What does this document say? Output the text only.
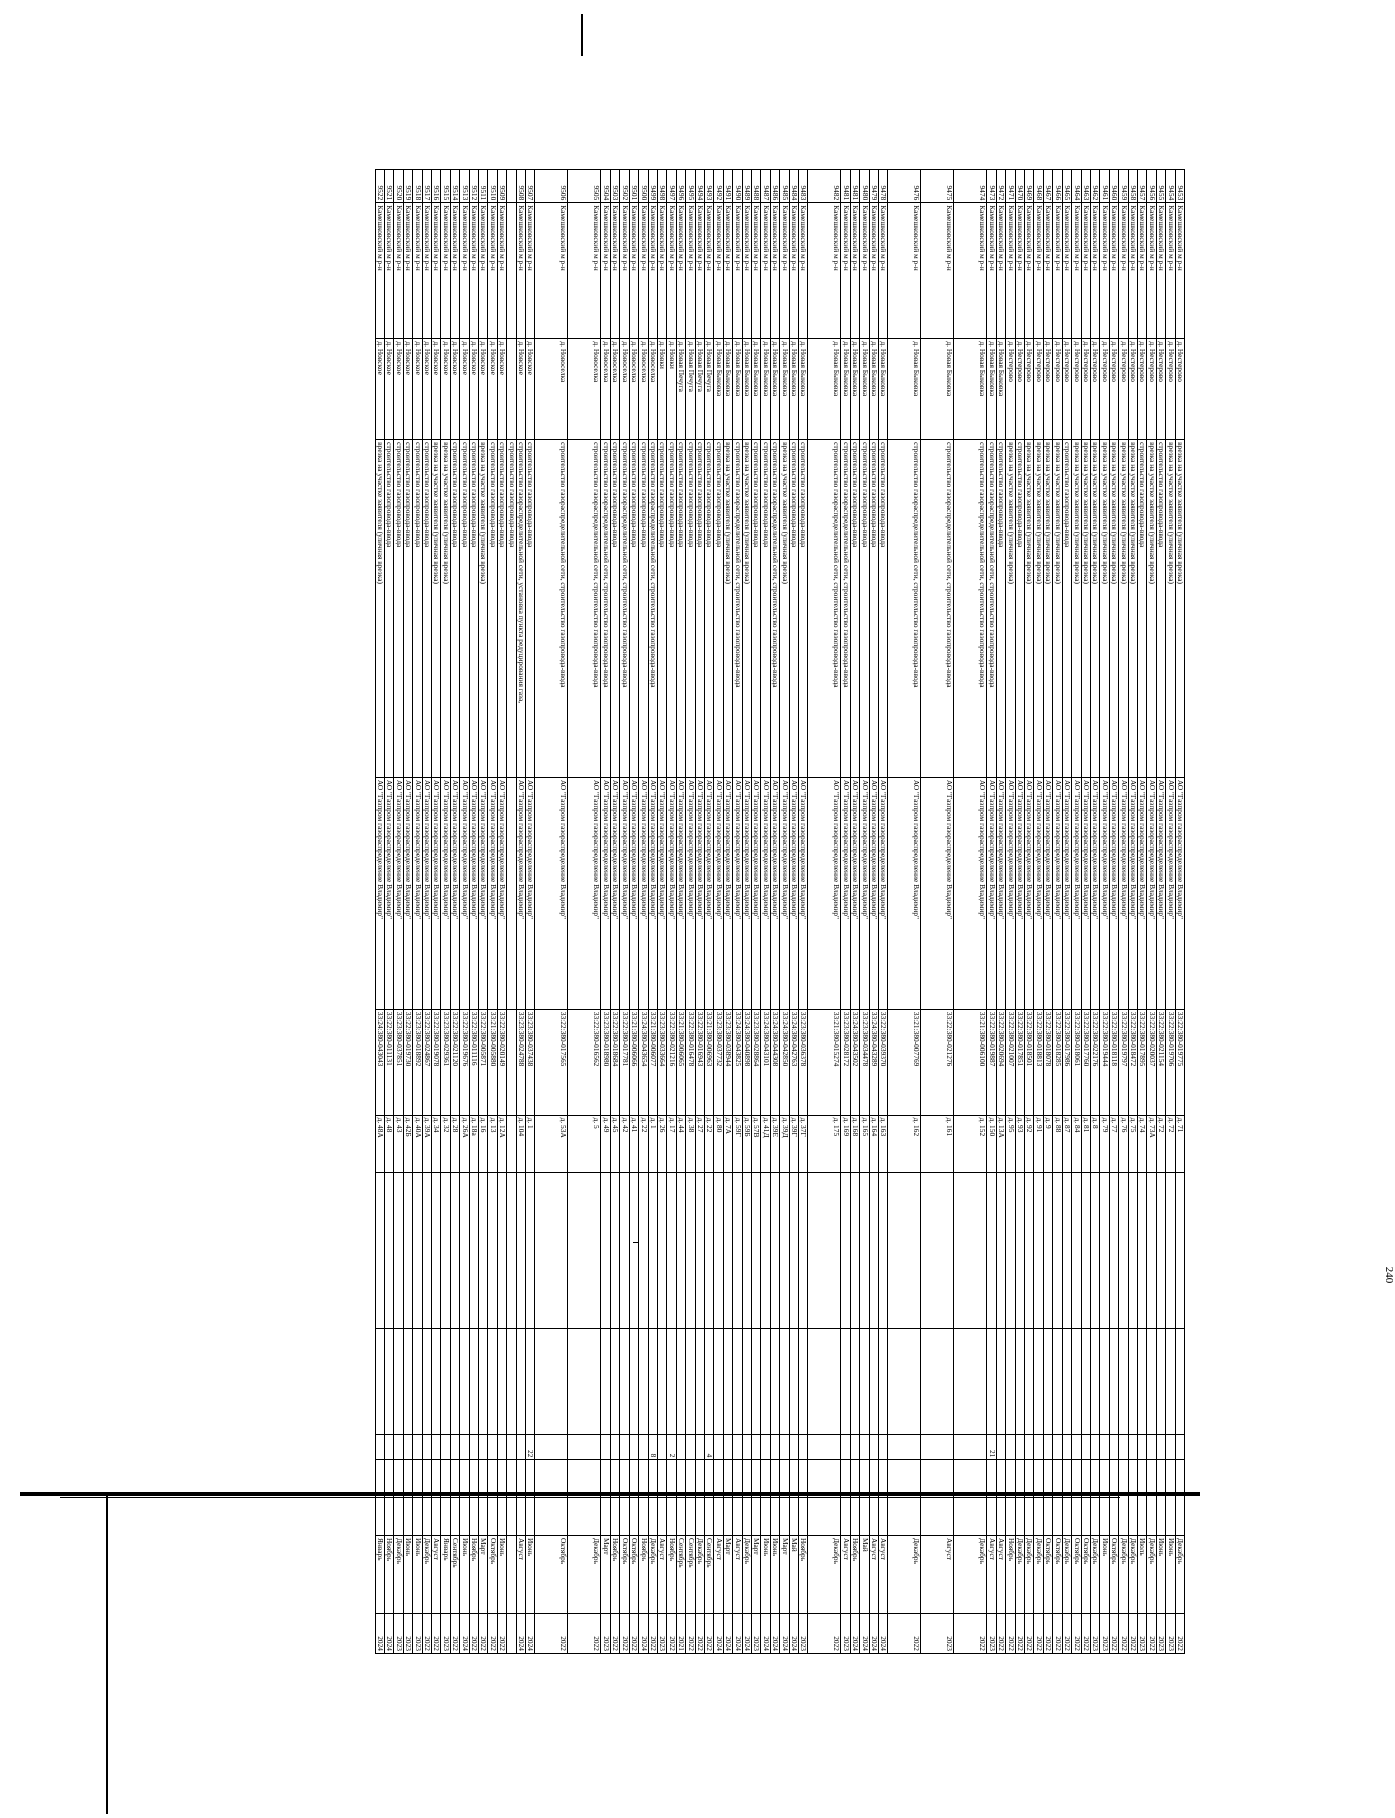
240
9453	Камешковский м р-н	д. Нестерово	врезка на участке заявителя (уличная врезка)	АО "Газпром газораспределение Владимир"	33:22:380-019775	д. 71					Декабрь	2022
9454	Камешковский м р-н	д. Нестерово	врезка на участке заявителя (уличная врезка)	АО "Газпром газораспределение Владимир"	33:22:380-019706	д. 72					Июнь	2023
9455	Камешковский м р-н	д. Нестерово	строительство газопровода-ввода	АО "Газпром газораспределение Владимир"	33:22:380-021154	д. 72					Июнь	2023
9456	Камешковский м р-н	д. Нестерово	врезка на участке заявителя (уличная врезка)	АО "Газпром газораспределение Владимир"	33:22:380-020037	д. 73А					Декабрь	2022
9457	Камешковский м р-н	д. Нестерово	строительство газопровода-ввода	АО "Газпром газораспределение Владимир"	33:22:380-017895	д. 74					Июль	2023
9458	Камешковский м р-н	д. Нестерово	врезка на участке заявителя (уличная врезка)	АО "Газпром газораспределение Владимир"	33:22:380-018472	д. 75					Декабрь	2022
9459	Камешковский м р-н	д. Нестерово	врезка на участке заявителя (уличная врезка)	АО "Газпром газораспределение Владимир"	33:22:380-019797	д. 76					Декабрь	2022
9460	Камешковский м р-н	д. Нестерово	врезка на участке заявителя (уличная врезка)	АО "Газпром газораспределение Владимир"	33:22:380-018118	д. 77					Октябрь	2022
9461	Камешковский м р-н	д. Нестерово	врезка на участке заявителя (уличная врезка)	АО "Газпром газораспределение Владимир"	33:22:380-019444	д. 79					Июнь	2023
9462	Камешковский м р-н	д. Нестерово	врезка на участке заявителя (уличная врезка)	АО "Газпром газораспределение Владимир"	33:22:380-022176	д. 8					Декабрь	2023
9463	Камешковский м р-н	д. Нестерово	врезка на участке заявителя (уличная врезка)	АО "Газпром газораспределение Владимир"	33:22:380-017760	д. 81					Октябрь	2022
9464	Камешковский м р-н	д. Нестерово	врезка на участке заявителя (уличная врезка)	АО "Газпром газораспределение Владимир"	33:22:380-018061	д. 84					Октябрь	2022
9465	Камешковский м р-н	д. Нестерово	строительство газопровода-ввода	АО "Газпром газораспределение Владимир"	33:22:380-017986	д. 87					Декабрь	2022
9466	Камешковский м р-н	д. Нестерово	врезка на участке заявителя (уличная врезка)	АО "Газпром газораспределение Владимир"	33:22:380-018285	д. 88					Октябрь	2022
9467	Камешковский м р-н	д. Нестерово	врезка на участке заявителя (уличная врезка)	АО "Газпром газораспределение Владимир"	33:22:380-018078	д. 9					Октябрь	2022
9468	Камешковский м р-н	д. Нестерово	врезка на участке заявителя (уличная врезка)	АО "Газпром газораспределение Владимир"	33:22:380-018813	д. 91					Декабрь	2022
9469	Камешковский м р-н	д. Нестерово	врезка на участке заявителя (уличная врезка)	АО "Газпром газораспределение Владимир"	33:22:380-018501	д. 92					Декабрь	2022
9470	Камешковский м р-н	д. Нестерово	строительство газопровода-ввода	АО "Газпром газораспределение Владимир"	33:22:380-017851	д. 93					Декабрь	2022
9471	Камешковский м р-н	д. Нестерово	врезка на участке заявителя (уличная врезка)	АО "Газпром газораспределение Владимир"	33:22:380-021007	д. 95					Ноябрь	2022
9472	Камешковский м р-н	д. Новая Быковка	строительство газопровода-ввода	АО "Газпром газораспределение Владимир"	33:22:380-020694	д. 13А					Август	2022
9473	Камешковский м р-н	д. Новая Быковка	строительство газораспределительной сети, строительство газопровода-ввода	АО "Газпром газораспределение Владимир"	33:22:380-019887	д. 150			21		Август	2023
9474	Камешковский м р-н	д. Новая Быковка	строительство газораспределительной сети, строительство газопровода-ввода	АО "Газпром газораспределение Владимир"	33:21:380-006100	д. 152					Декабрь	2022
9475	Камешковский м р-н	д. Новая Быковка	строительство газораспределительной сети, строительство газопровода-ввода	АО "Газпром газораспределение Владимир"	33:22:380-021276	д. 161					Август	2023
9476	Камешковский м р-н	д. Новая Быковка	строительство газораспределительной сети, строительство газопровода-ввода	АО "Газпром газораспределение Владимир"	33:21:380-007769	д. 162					Декабрь	2022
9478	Камешковский м р-н	д. Новая Быковка	строительство газопровода-ввода	АО "Газпром газораспределение Владимир"	33:22:380-039370	д. 163					Август	2024
9479	Камешковский м р-н	д. Новая Быковка	строительство газопровода-ввода	АО "Газпром газораспределение Владимир"	33:24:380-043289	д. 164					Август	2024
9480	Камешковский м р-н	д. Новая Быковка	строительство газопровода-ввода	АО "Газпром газораспределение Владимир"	33:23:380-034478	д. 165					Май	2024
9481	Камешковский м р-н	д. Новая Быковка	строительство газопровода-ввода	АО "Газпром газораспределение Владимир"	33:24:380-043502	д. 168					Ноябрь	2024
9481	Камешковский м р-н	д. Новая Быковка	строительство газораспределительной сети, строительство газопровода-ввода	АО "Газпром газораспределение Владимир"	33:23:380-028172	д. 169					Август	2023
9482	Камешковский м р-н	д. Новая Быковка	строительство газораспределительной сети, строительство газопровода-ввода	АО "Газпром газораспределение Владимир"	33:21:380-015274	д. 175					Декабрь	2022
9483	Камешковский м р-н	д. Новая Быковка	строительство газопровода-ввода	АО "Газпром газораспределение Владимир"	33:23:380-036378	д. 37Г					Ноябрь	2023
9484	Камешковский м р-н	д. Новая Быковка	строительство газопровода-ввода	АО "Газпром газораспределение Владимир"	33:24:380-042763	д. 39Г					Май	2024
9485	Камешковский м р-н	д. Новая Быковка	врезка на участке заявителя (уличная врезка)	АО "Газпром газораспределение Владимир"	33:24:380-042850	д. 39Д					Март	2024
9486	Камешковский м р-н	д. Новая Быковка	строительство газораспределительной сети, строительство газопровода-ввода	АО "Газпром газораспределение Владимир"	33:24:380-044308	д. 39Е					Июнь	2024
9487	Камешковский м р-н	д. Новая Быковка	строительство газопровода-ввода	АО "Газпром газораспределение Владимир"	33:24:380-043101	д. 41Д					Июнь	2024
9488	Камешковский м р-н	д. Новая Быковка	строительство газопровода-ввода	АО "Газпром газораспределение Владимир"	33:23:380-028864	д. 57В					Март	2023
9489	Камешковский м р-н	д. Новая Быковка	врезка на участке заявителя (уличная врезка)	АО "Газпром газораспределение Владимир"	33:24:380-040898	д. 59Б					Декабрь	2024
9490	Камешковский м р-н	д. Новая Быковка	строительство газораспределительной сети, строительство газопровода-ввода	АО "Газпром газораспределение Владимир"	33:24:380-043825	д. 59Г					Август	2024
9491	Камешковский м р-н	д. Новая Быковка	врезка на участке заявителя (уличная врезка)	АО "Газпром газораспределение Владимир"	33:23:380-038944	д. 7А					Март	2024
9492	Камешковский м р-н	д. Новая Быковка	строительство газопровода-ввода	АО "Газпром газораспределение Владимир"	33:23:380-037732	д. 80					Август	2024
9493	Камешковский м р-н	д. Новая Печуга	строительство газопровода-ввода	АО "Газпром газораспределение Владимир"	33:21:380-006963	д. 22			4		Сентябрь	2022
9494	Камешковский м р-н	д. Новая Печуга	строительство газопровода-ввода	АО "Газпром газораспределение Владимир"	33:22:380-016943	д. 27					Декабрь	2022
9495	Камешковский м р-н	д. Новая Печуга	строительство газопровода-ввода	АО "Газпром газораспределение Владимир"	33:22:380-016478	д. 38					Сентябрь	2022
9496	Камешковский м р-н	д. Новая Печуга	строительство газопровода-ввода	АО "Газпром газораспределение Владимир"	33:21:380-006065	д. 44					Сентябрь	2021
9497	Камешковский м р-н	д. Новки	строительство газопровода-ввода	АО "Газпром газораспределение Владимир"	33:22:380-021216	д. 17			2		Ноябрь	2022
9498	Камешковский м р-н	д. Новки	строительство газопровода-ввода	АО "Газпром газораспределение Владимир"	33:23:380-033664	д. 26					Август	2023
9499	Камешковский м р-н	д. Новоселка	строительство газораспределительной сети, строительство газопровода-ввода	АО "Газпром газораспределение Владимир"	33:21:380-006077	д. 1			8		Декабрь	2022
9500	Камешковский м р-н	д. Новоселка	строительство газопровода-ввода	АО "Газпром газораспределение Владимир"	33:24:380-043654	д. 22					Ноябрь	2024
9501	Камешковский м р-н	д. Новоселка	строительство газопровода-ввода	АО "Газпром газораспределение Владимир"	33:21:380-006066	д. 41					Октябрь	2022
9502	Камешковский м р-н	д. Новоселка	строительство газораспределительной сети, строительство газопровода-ввода	АО "Газпром газораспределение Владимир"	33:22:380-017781	д. 42					Октябрь	2022
9503	Камешковский м р-н	д. Новоселка	строительство газопровода-ввода	АО "Газпром газораспределение Владимир"	33:22:380-018684	д. 45					Ноябрь	2022
9504	Камешковский м р-н	д. Новоселка	строительство газораспределительной сети, строительство газопровода-ввода	АО "Газпром газораспределение Владимир"	33:23:380-018980	д. 49					Март	2023
9505	Камешковский м р-н	д. Новоселка	строительство газораспределительной сети, строительство газопровода-ввода	АО "Газпром газораспределение Владимир"	33:22:380-016562	д. 5					Декабрь	2022
9506	Камешковский м р-н	д. Новоселка	строительство газораспределительной сети, строительство газопровода-ввода	АО "Газпром газораспределение Владимир"	33:22:380-017565	д. 53А					Октябрь	2022
9507	Камешковский м р-н	д. Новское	строительство газопровода-ввода	АО "Газпром газораспределение Владимир"	33:23:380-037438	д. 1			22		Июнь	2024
9508	Камешковский м р-н	д. Новское	строительство газораспределительной сети, установка пункта редуцирования газа,	АО "Газпром газораспределение Владимир"	33:23:380-024788	д. 104					Август	2024
			строительство газопровода-ввода									
9509	Камешковский м р-н	д. Новское	строительство газопровода-ввода	АО "Газпром газораспределение Владимир"	33:22:380-020149	д. 12А					Июнь	2022
9510	Камешковский м р-н	д. Новское	строительство газопровода-ввода	АО "Газпром газораспределение Владимир"	33:21:380-005880	д. 13					Октябрь	2022
9511	Камешковский м р-н	д. Новское	врезка на участке заявителя (уличная врезка)	АО "Газпром газораспределение Владимир"	33:22:380-005871	д. 16					Март	2022
9512	Камешковский м р-н	д. Новское	строительство газопровода-ввода	АО "Газпром газораспределение Владимир"	33:22:380-011116	д. 18а					Ноябрь	2022
9513	Камешковский м р-н	д. Новское	строительство газопровода-ввода	АО "Газпром газораспределение Владимир"	33:22:380-019676	д. 26А					Июнь	2024
9514	Камешковский м р-н	д. Новское	строительство газопровода-ввода	АО "Газпром газораспределение Владимир"	33:22:380-021120	д. 28					Сентябрь	2022
9515	Камешковский м р-н	д. Новское	врезка на участке заявителя (уличная врезка)	АО "Газпром газораспределение Владимир"	33:23:380-029361	д. 32					Январь	2023
9516	Камешковский м р-н	д. Новское	врезка на участке заявителя (уличная врезка)	АО "Газпром газораспределение Владимир"	33:22:380-019078	д. 34					Август	2022
9517	Камешковский м р-н	д. Новское	строительство газопровода-ввода	АО "Газпром газораспределение Владимир"	33:22:380-024867	д. 39А					Декабрь	2022
9518	Камешковский м р-н	д. Новское	строительство газопровода-ввода	АО "Газпром газораспределение Владимир"	33:23:380-018892	д. 40А					Июнь	2023
9519	Камешковский м р-н	д. Новское	строительство газопровода-ввода	АО "Газпром газораспределение Владимир"	33:22:380-019730	д. 42Б					Июнь	2023
9520	Камешковский м р-н	д. Новское	строительство газопровода-ввода	АО "Газпром газораспределение Владимир"	33:23:380-037851	д. 43					Декабрь	2023
9521	Камешковский м р-н	д. Новское	строительство газопровода-ввода	АО "Газпром газораспределение Владимир"	33:22:380-011131	д. 48					Ноябрь	2024
9522	Камешковский м р-н	д. Новское	врезка на участке заявителя (уличная врезка)	АО "Газпром газораспределение Владимир"	33:24:380-043043	д. 48А					Январь	2024
